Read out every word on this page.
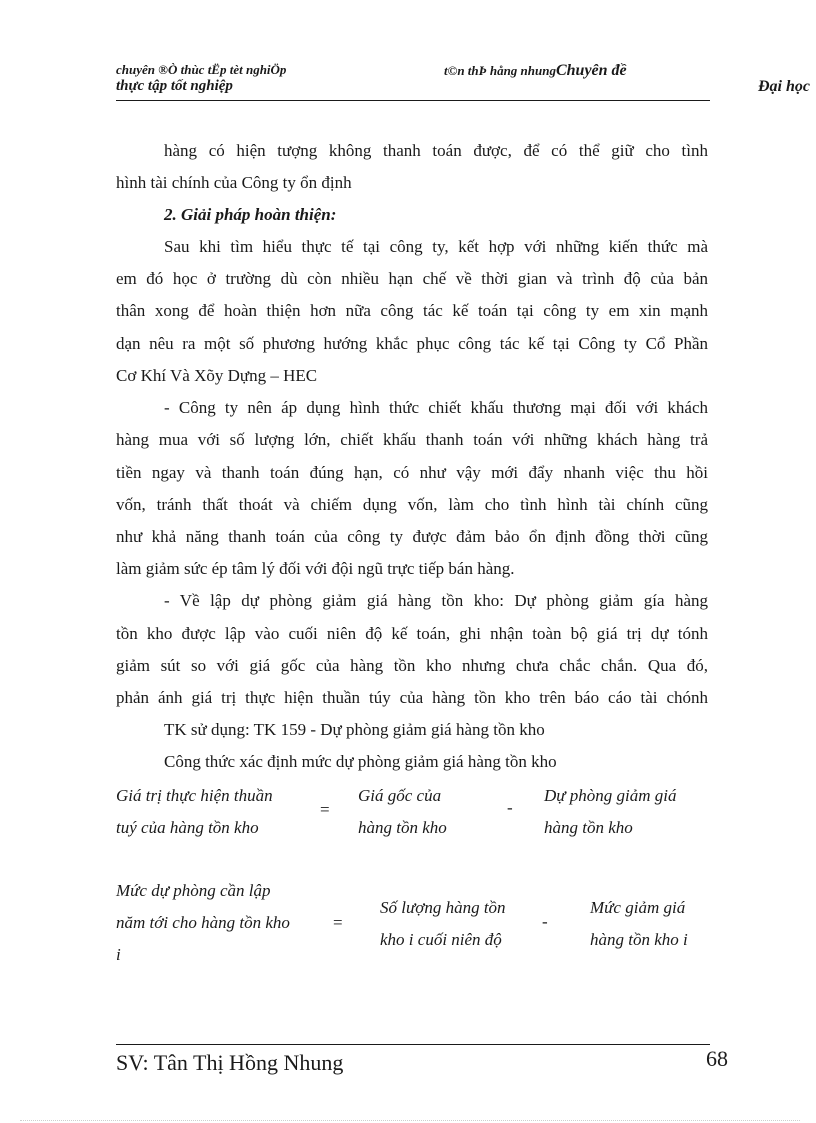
chuyên ®Ò thùc tËp tèt nghiÖp	t©n thÞ hång nhungChuyên đề
thực tập tốt nghiệp	Đại học
hàng có hiện tượng không thanh toán được, để có thể giữ cho tình
hình tài chính của Công ty ổn định
2. Giải pháp hoàn thiện:
Sau khi tìm hiểu thực tế tại công ty, kết hợp với những kiến thức mà
em đó học ở trường dù còn nhiều hạn chế về thời gian và trình độ của bản
thân xong để hoàn thiện hơn nữa công tác kế toán tại công ty em xin mạnh
dạn nêu ra một số phương hướng khắc phục công tác kế tại Công ty Cổ Phần
Cơ Khí Và Xõy Dựng – HEC
- Công ty nên áp dụng hình thức chiết khấu thương mại đối với khách
hàng mua với số lượng lớn, chiết khấu thanh toán với những khách hàng trả
tiền ngay và thanh toán đúng hạn, có như vậy mới đẩy nhanh việc thu hồi
vốn, tránh thất thoát và chiếm dụng vốn, làm cho tình hình tài chính cũng
như khả năng thanh toán của công ty được đảm bảo ổn định đồng thời cũng
làm giảm sức ép tâm lý đối với đội ngũ trực tiếp bán hàng.
- Về lập dự phòng giảm giá hàng tồn kho: Dự phòng giảm gía hàng
tồn kho được lập vào cuối niên độ kế toán, ghi nhận toàn bộ giá trị dự tónh
giảm sút so với giá gốc của hàng tồn kho nhưng chưa chắc chắn. Qua đó,
phản ánh giá trị thực hiện thuần túy của hàng tồn kho trên báo cáo tài chónh
TK sử dụng: TK 159 - Dự phòng giảm giá hàng tồn kho
Công thức xác định mức dự phòng giảm giá hàng tồn kho
Giá trị thực hiện thuần
tuý của hàng tồn kho
=
Giá gốc của
hàng tồn kho
-
Dự phòng giảm giá
hàng tồn kho
Mức dự phòng cần lập
năm tới cho hàng tồn kho
i
=
Số lượng hàng tồn
kho i cuối niên độ
-
Mức giảm giá
hàng tồn kho i
SV: Tân Thị Hồng Nhung	68
